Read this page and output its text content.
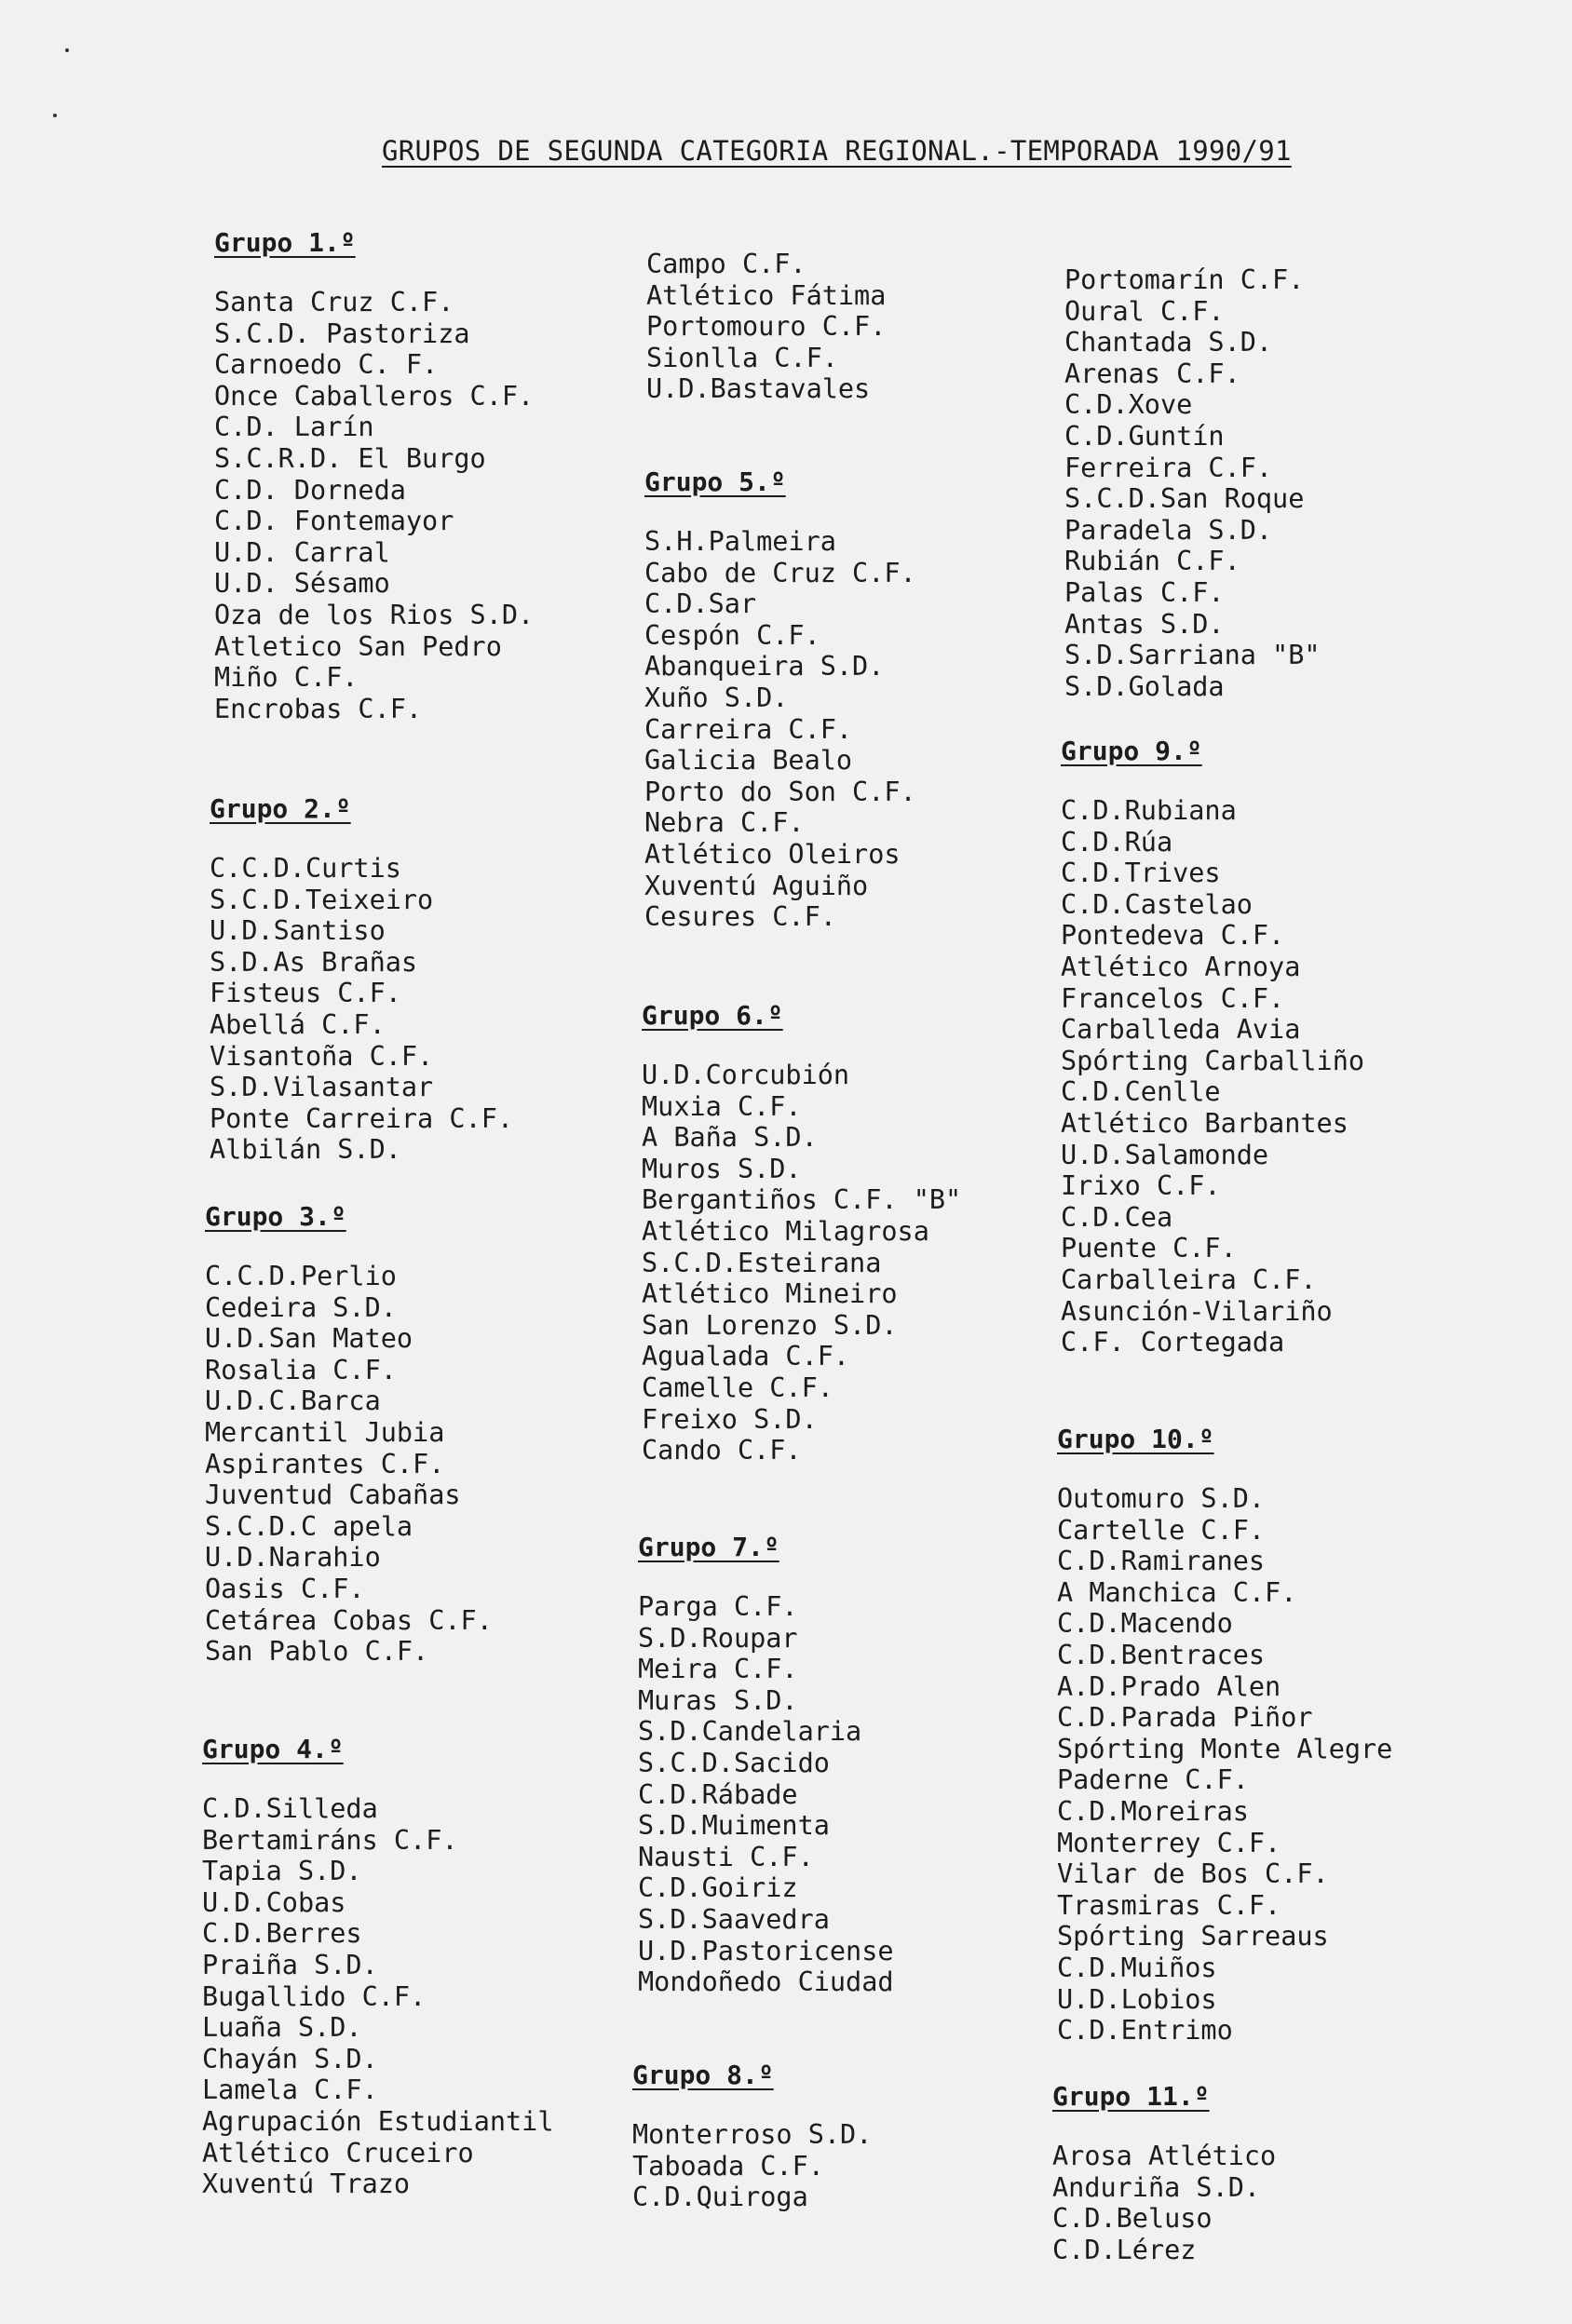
GRUPOS DE SEGUNDA CATEGORIA REGIONAL.-TEMPORADA 1990/91
Grupo 1.º
Santa Cruz C.F.
S.C.D. Pastoriza
Carnoedo C. F.
Once Caballeros C.F.
C.D. Larín
S.C.R.D. El Burgo
C.D. Dorneda
C.D. Fontemayor
U.D. Carral
U.D. Sésamo
Oza de los Rios S.D.
Atletico San Pedro
Miño C.F.
Encrobas C.F.
Grupo 2.º
C.C.D.Curtis
S.C.D.Teixeiro
U.D.Santiso
S.D.As Brañas
Fisteus C.F.
Abellá C.F.
Visantoña C.F.
S.D.Vilasantar
Ponte Carreira C.F.
Albilán S.D.
Grupo 3.º
C.C.D.Perlio
Cedeira S.D.
U.D.San Mateo
Rosalia C.F.
U.D.C.Barca
Mercantil Jubia
Aspirantes C.F.
Juventud Cabañas
S.C.D.C apela
U.D.Narahio
Oasis C.F.
Cetárea Cobas C.F.
San Pablo C.F.
Grupo 4.º
C.D.Silleda
Bertamiráns C.F.
Tapia S.D.
U.D.Cobas
C.D.Berres
Praiña S.D.
Bugallido C.F.
Luaña S.D.
Chayán S.D.
Lamela C.F.
Agrupación Estudiantil
Atlético Cruceiro
Xuventú Trazo
Campo C.F.
Atlético Fátima
Portomouro C.F.
Sionlla C.F.
U.D.Bastavales
Grupo 5.º
S.H.Palmeira
Cabo de Cruz C.F.
C.D.Sar
Cespón C.F.
Abanqueira S.D.
Xuño S.D.
Carreira C.F.
Galicia Bealo
Porto do Son C.F.
Nebra C.F.
Atlético Oleiros
Xuventú Aguiño
Cesures C.F.
Grupo 6.º
U.D.Corcubión
Muxia C.F.
A Baña S.D.
Muros S.D.
Bergantiños C.F. "B"
Atlético Milagrosa
S.C.D.Esteirana
Atlético Mineiro
San Lorenzo S.D.
Agualada C.F.
Camelle C.F.
Freixo S.D.
Cando C.F.
Grupo 7.º
Parga C.F.
S.D.Roupar
Meira C.F.
Muras S.D.
S.D.Candelaria
S.C.D.Sacido
C.D.Rábade
S.D.Muimenta
Nausti C.F.
C.D.Goiriz
S.D.Saavedra
U.D.Pastoricense
Mondoñedo Ciudad
Grupo 8.º
Monterroso S.D.
Taboada C.F.
C.D.Quiroga
Portomarín C.F.
Oural C.F.
Chantada S.D.
Arenas C.F.
C.D.Xove
C.D.Guntín
Ferreira C.F.
S.C.D.San Roque
Paradela S.D.
Rubián C.F.
Palas C.F.
Antas S.D.
S.D.Sarriana "B"
S.D.Golada
Grupo 9.º
C.D.Rubiana
C.D.Rúa
C.D.Trives
C.D.Castelao
Pontedeva C.F.
Atlético Arnoya
Francelos C.F.
Carballeda Avia
Spórting Carballiño
C.D.Cenlle
Atlético Barbantes
U.D.Salamonde
Irixo C.F.
C.D.Cea
Puente C.F.
Carballeira C.F.
Asunción-Vilariño
C.F. Cortegada
Grupo 10.º
Outomuro S.D.
Cartelle C.F.
C.D.Ramiranes
A Manchica C.F.
C.D.Macendo
C.D.Bentraces
A.D.Prado Alen
C.D.Parada Piñor
Spórting Monte Alegre
Paderne C.F.
C.D.Moreiras
Monterrey C.F.
Vilar de Bos C.F.
Trasmiras C.F.
Spórting Sarreaus
C.D.Muiños
U.D.Lobios
C.D.Entrimo
Grupo 11.º
Arosa Atlético
Anduriña S.D.
C.D.Beluso
C.D.Lérez
